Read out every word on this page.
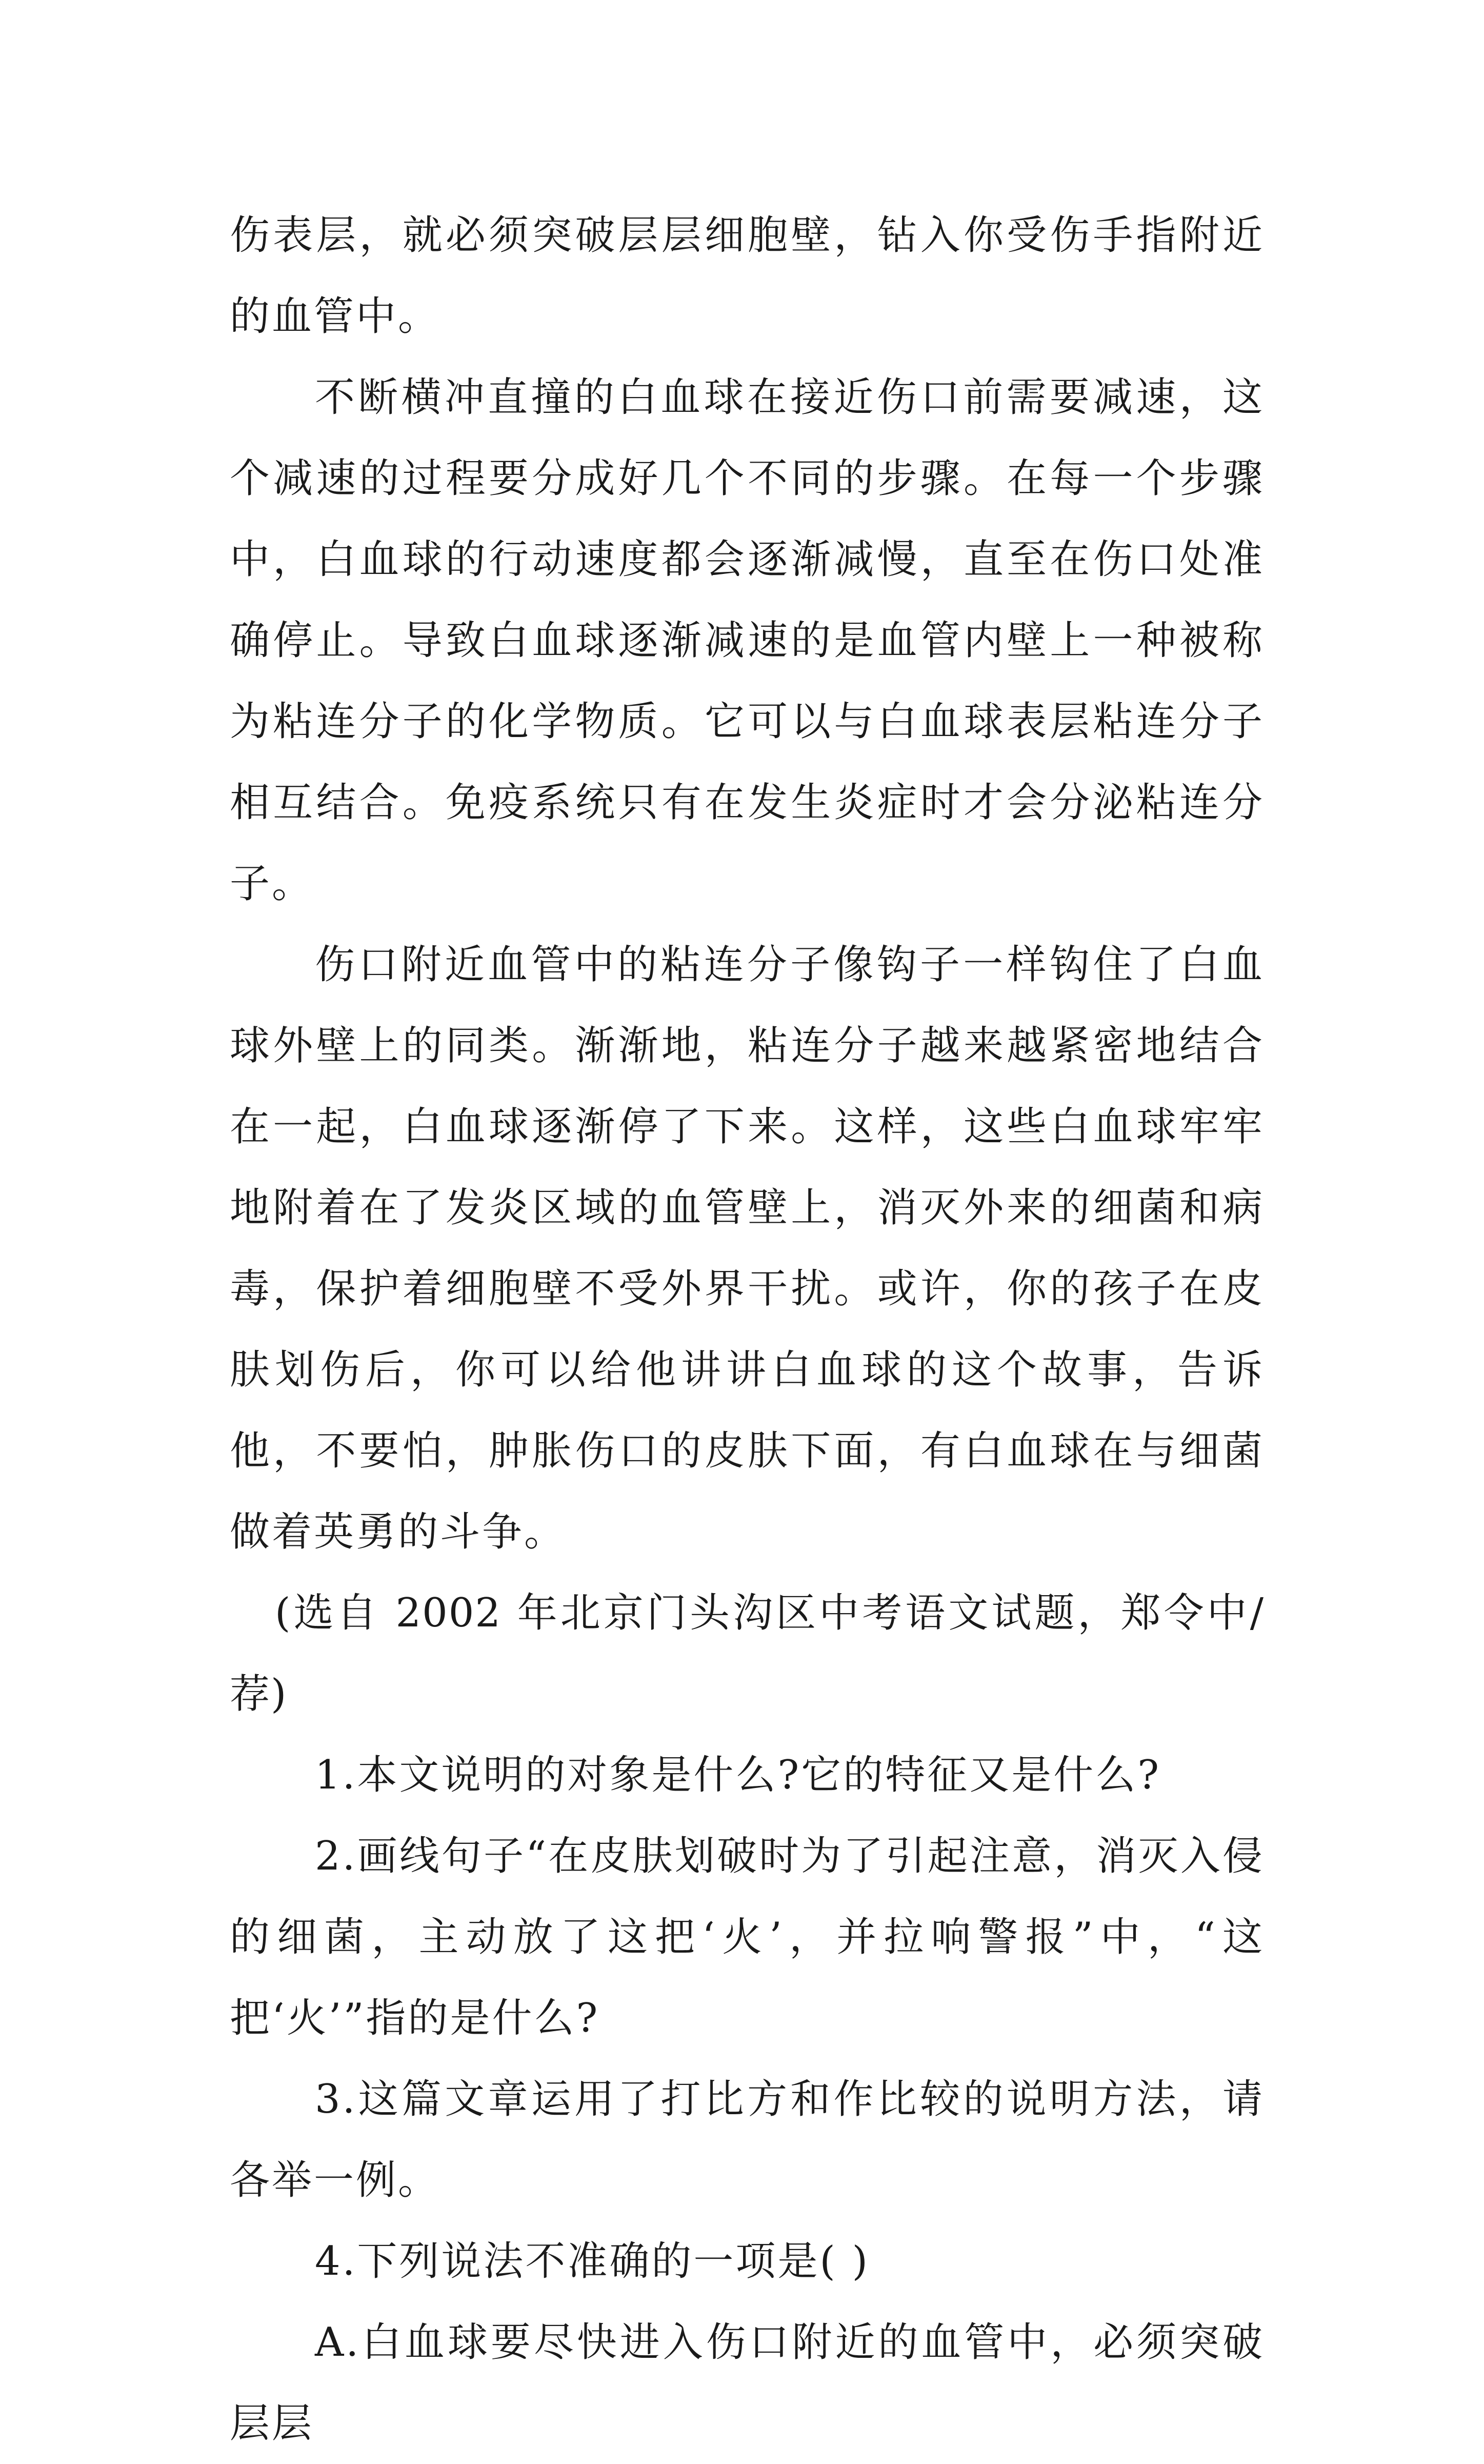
伤表层，就必须突破层层细胞壁，钻入你受伤手指附近的血管中。

不断横冲直撞的白血球在接近伤口前需要减速，这个减速的过程要分成好几个不同的步骤。在每一个步骤中，白血球的行动速度都会逐渐减慢，直至在伤口处准确停止。导致白血球逐渐减速的是血管内壁上一种被称为粘连分子的化学物质。它可以与白血球表层粘连分子相互结合。免疫系统只有在发生炎症时才会分泌粘连分子。

伤口附近血管中的粘连分子像钩子一样钩住了白血球外壁上的同类。渐渐地，粘连分子越来越紧密地结合在一起，白血球逐渐停了下来。这样，这些白血球牢牢地附着在了发炎区域的血管壁上，消灭外来的细菌和病毒，保护着细胞壁不受外界干扰。或许，你的孩子在皮肤划伤后，你可以给他讲讲白血球的这个故事，告诉他，不要怕，肿胀伤口的皮肤下面，有白血球在与细菌做着英勇的斗争。

(选自 2002 年北京门头沟区中考语文试题，郑令中/荐)

1.本文说明的对象是什么?它的特征又是什么?

2.画线句子“在皮肤划破时为了引起注意，消灭入侵的细菌，主动放了这把‘火’，并拉响警报”中，“这把‘火’”指的是什么?

3.这篇文章运用了打比方和作比较的说明方法，请各举一例。

4.下列说法不准确的一项是( )

A.白血球要尽快进入伤口附近的血管中，必须突破层层
